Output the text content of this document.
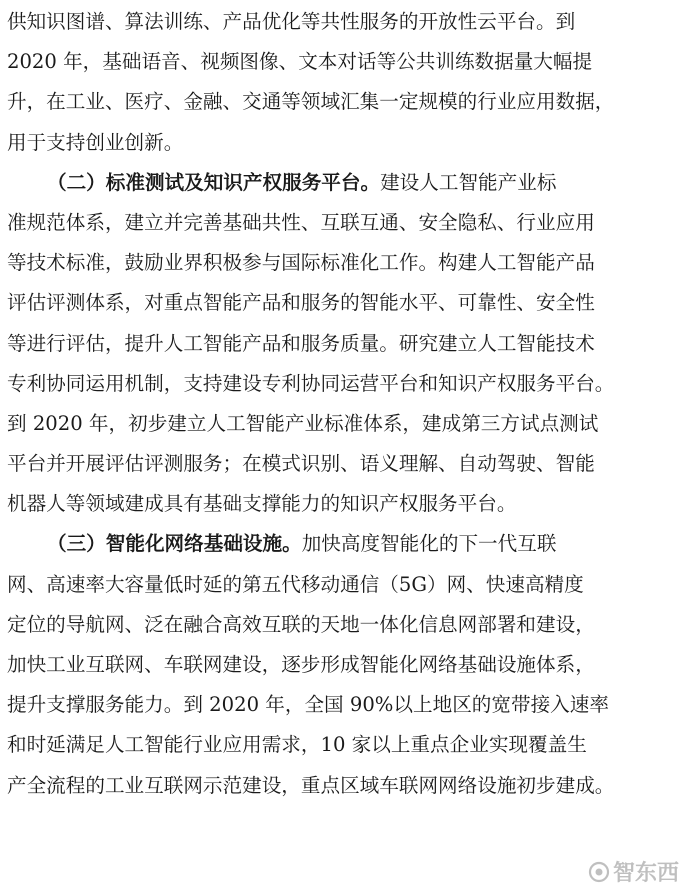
供知识图谱、算法训练、产品优化等共性服务的开放性云平台。到
2020 年，基础语音、视频图像、文本对话等公共训练数据量大幅提
升，在工业、医疗、金融、交通等领域汇集一定规模的行业应用数据，
用于支持创业创新。
（二）标准测试及知识产权服务平台。建设人工智能产业标
准规范体系，建立并完善基础共性、互联互通、安全隐私、行业应用
等技术标准，鼓励业界积极参与国际标准化工作。构建人工智能产品
评估评测体系，对重点智能产品和服务的智能水平、可靠性、安全性
等进行评估，提升人工智能产品和服务质量。研究建立人工智能技术
专利协同运用机制，支持建设专利协同运营平台和知识产权服务平台。
到 2020 年，初步建立人工智能产业标准体系，建成第三方试点测试
平台并开展评估评测服务；在模式识别、语义理解、自动驾驶、智能
机器人等领域建成具有基础支撑能力的知识产权服务平台。
（三）智能化网络基础设施。加快高度智能化的下一代互联
网、高速率大容量低时延的第五代移动通信（5G）网、快速高精度
定位的导航网、泛在融合高效互联的天地一体化信息网部署和建设，
加快工业互联网、车联网建设，逐步形成智能化网络基础设施体系，
提升支撑服务能力。到 2020 年，全国 90%以上地区的宽带接入速率
和时延满足人工智能行业应用需求，10 家以上重点企业实现覆盖生
产全流程的工业互联网示范建设，重点区域车联网网络设施初步建成。
智东西
